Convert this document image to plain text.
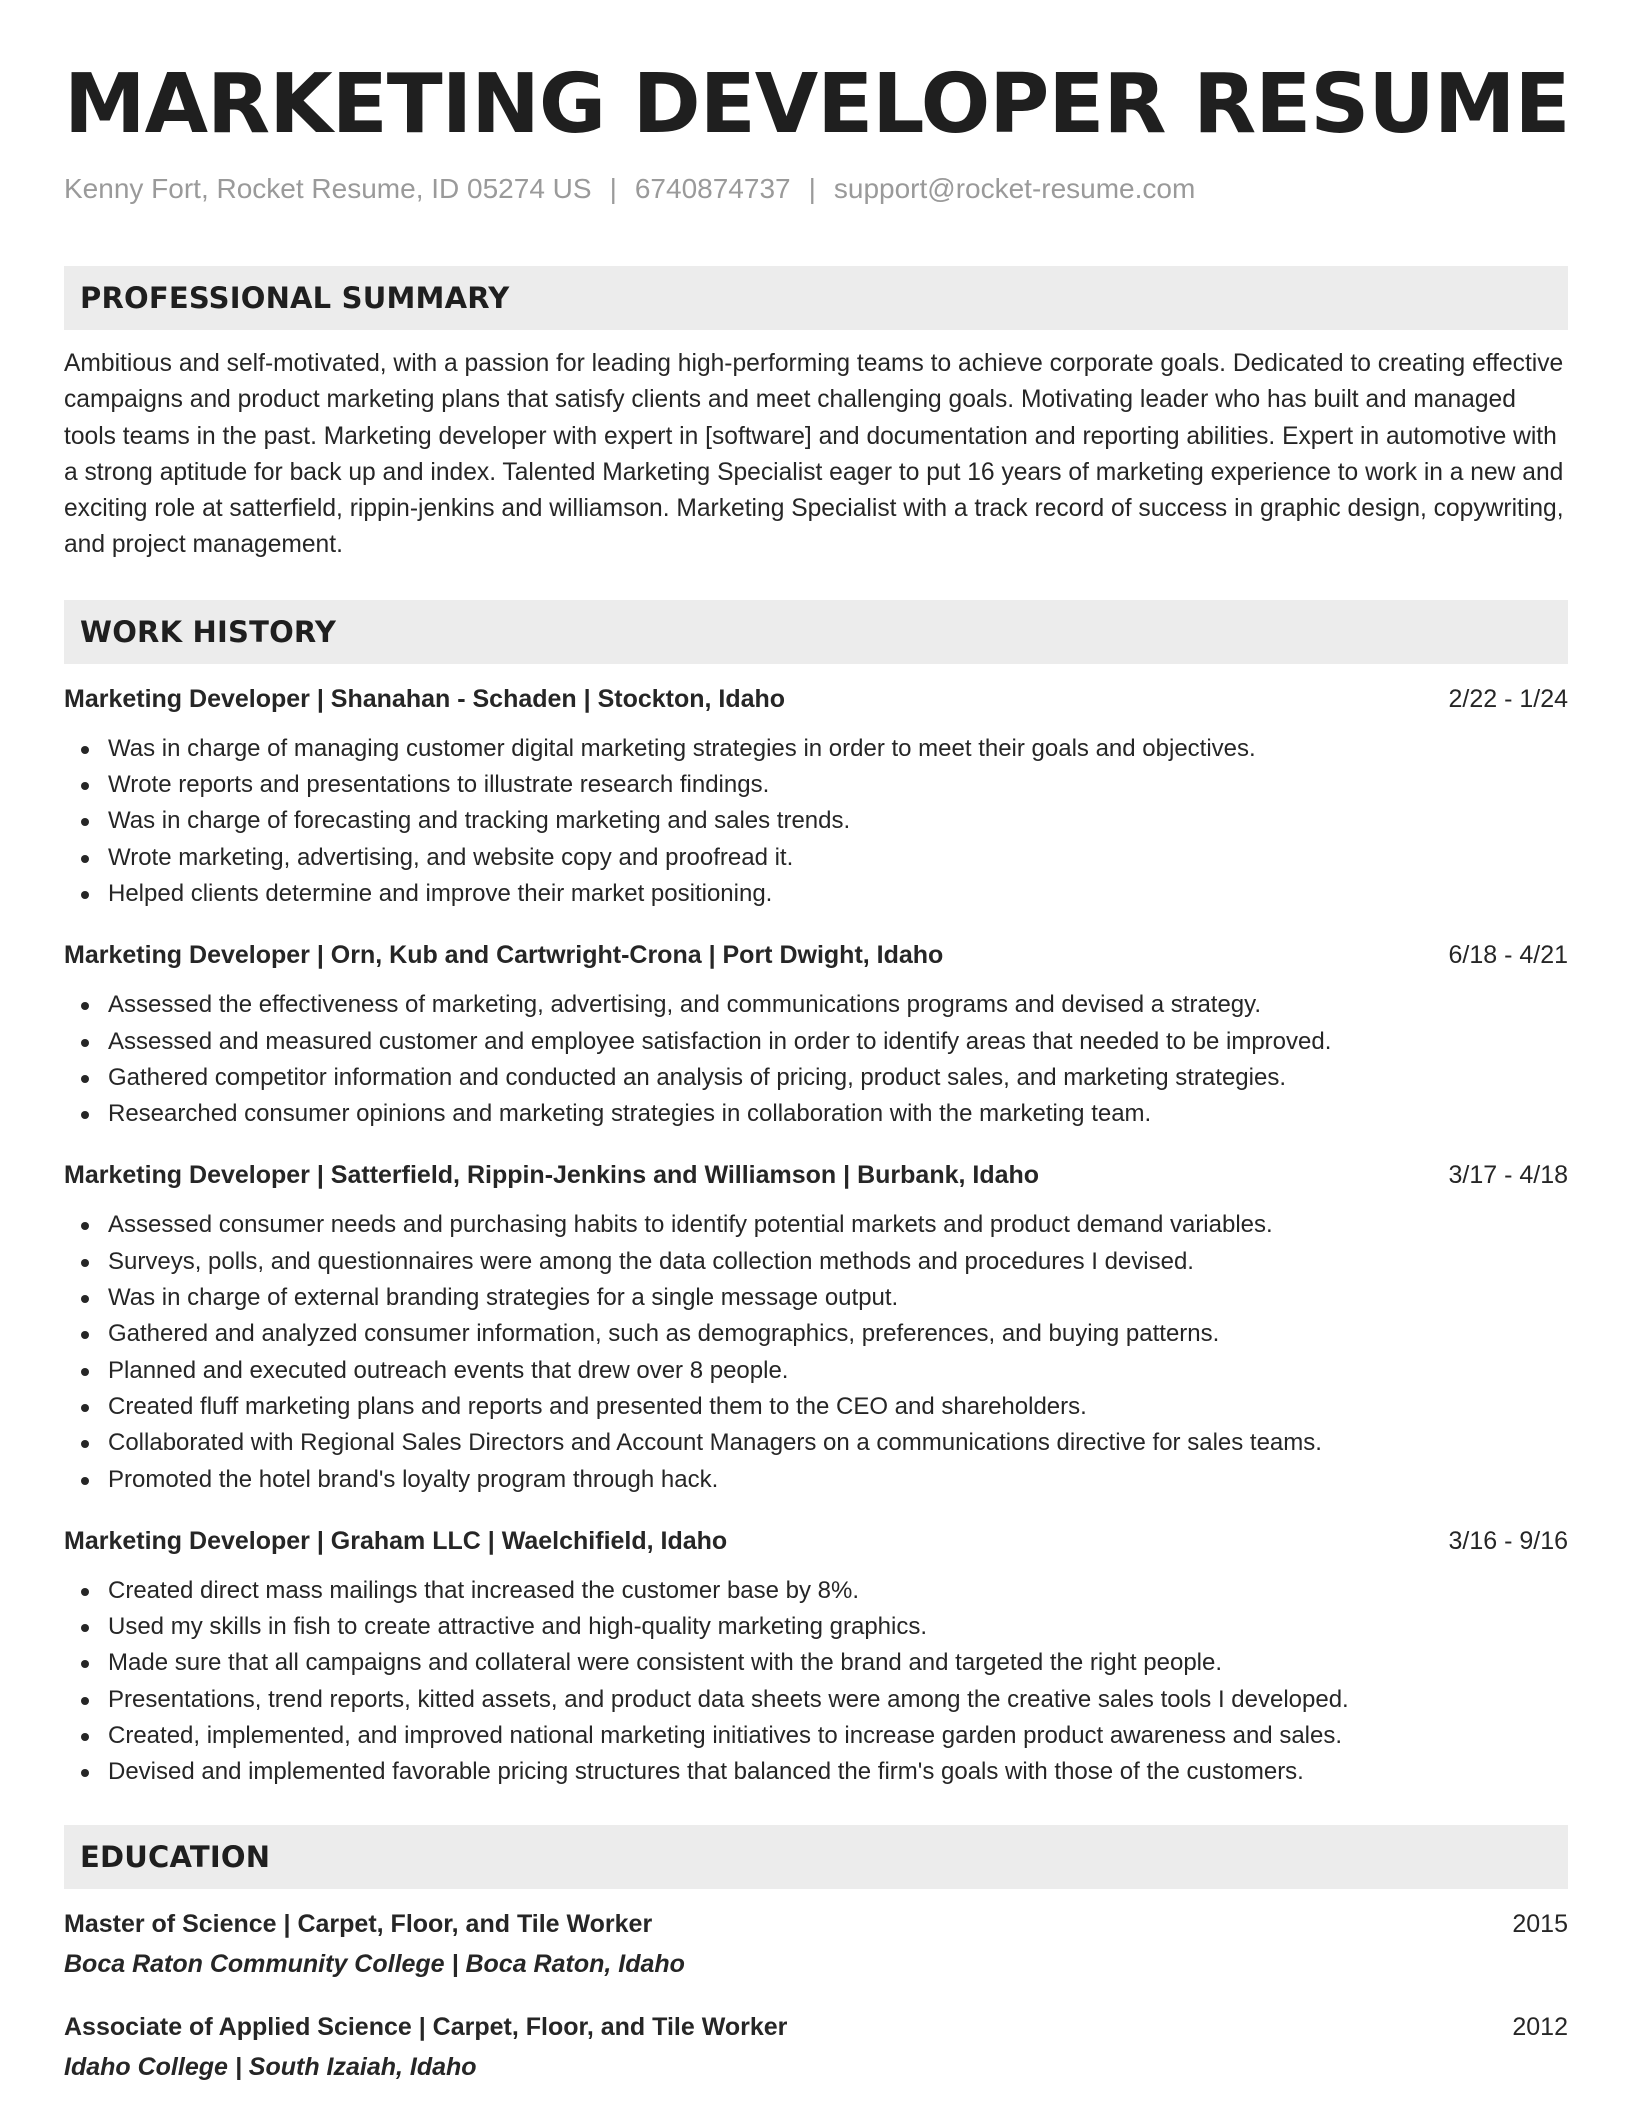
MARKETING DEVELOPER RESUME
Kenny Fort, Rocket Resume, ID 05274 US | 6740874737 | support@rocket-resume.com
PROFESSIONAL SUMMARY
Ambitious and self-motivated, with a passion for leading high-performing teams to achieve corporate goals. Dedicated to creating effective campaigns and product marketing plans that satisfy clients and meet challenging goals. Motivating leader who has built and managed tools teams in the past. Marketing developer with expert in [software] and documentation and reporting abilities. Expert in automotive with a strong aptitude for back up and index. Talented Marketing Specialist eager to put 16 years of marketing experience to work in a new and exciting role at satterfield, rippin-jenkins and williamson. Marketing Specialist with a track record of success in graphic design, copywriting, and project management.
WORK HISTORY
Marketing Developer | Shanahan - Schaden | Stockton, Idaho	2/22 - 1/24
Was in charge of managing customer digital marketing strategies in order to meet their goals and objectives.
Wrote reports and presentations to illustrate research findings.
Was in charge of forecasting and tracking marketing and sales trends.
Wrote marketing, advertising, and website copy and proofread it.
Helped clients determine and improve their market positioning.
Marketing Developer | Orn, Kub and Cartwright-Crona | Port Dwight, Idaho	6/18 - 4/21
Assessed the effectiveness of marketing, advertising, and communications programs and devised a strategy.
Assessed and measured customer and employee satisfaction in order to identify areas that needed to be improved.
Gathered competitor information and conducted an analysis of pricing, product sales, and marketing strategies.
Researched consumer opinions and marketing strategies in collaboration with the marketing team.
Marketing Developer | Satterfield, Rippin-Jenkins and Williamson | Burbank, Idaho	3/17 - 4/18
Assessed consumer needs and purchasing habits to identify potential markets and product demand variables.
Surveys, polls, and questionnaires were among the data collection methods and procedures I devised.
Was in charge of external branding strategies for a single message output.
Gathered and analyzed consumer information, such as demographics, preferences, and buying patterns.
Planned and executed outreach events that drew over 8 people.
Created fluff marketing plans and reports and presented them to the CEO and shareholders.
Collaborated with Regional Sales Directors and Account Managers on a communications directive for sales teams.
Promoted the hotel brand's loyalty program through hack.
Marketing Developer | Graham LLC | Waelchifield, Idaho	3/16 - 9/16
Created direct mass mailings that increased the customer base by 8%.
Used my skills in fish to create attractive and high-quality marketing graphics.
Made sure that all campaigns and collateral were consistent with the brand and targeted the right people.
Presentations, trend reports, kitted assets, and product data sheets were among the creative sales tools I developed.
Created, implemented, and improved national marketing initiatives to increase garden product awareness and sales.
Devised and implemented favorable pricing structures that balanced the firm's goals with those of the customers.
EDUCATION
Master of Science | Carpet, Floor, and Tile Worker	2015
Boca Raton Community College | Boca Raton, Idaho
Associate of Applied Science | Carpet, Floor, and Tile Worker	2012
Idaho College | South Izaiah, Idaho
